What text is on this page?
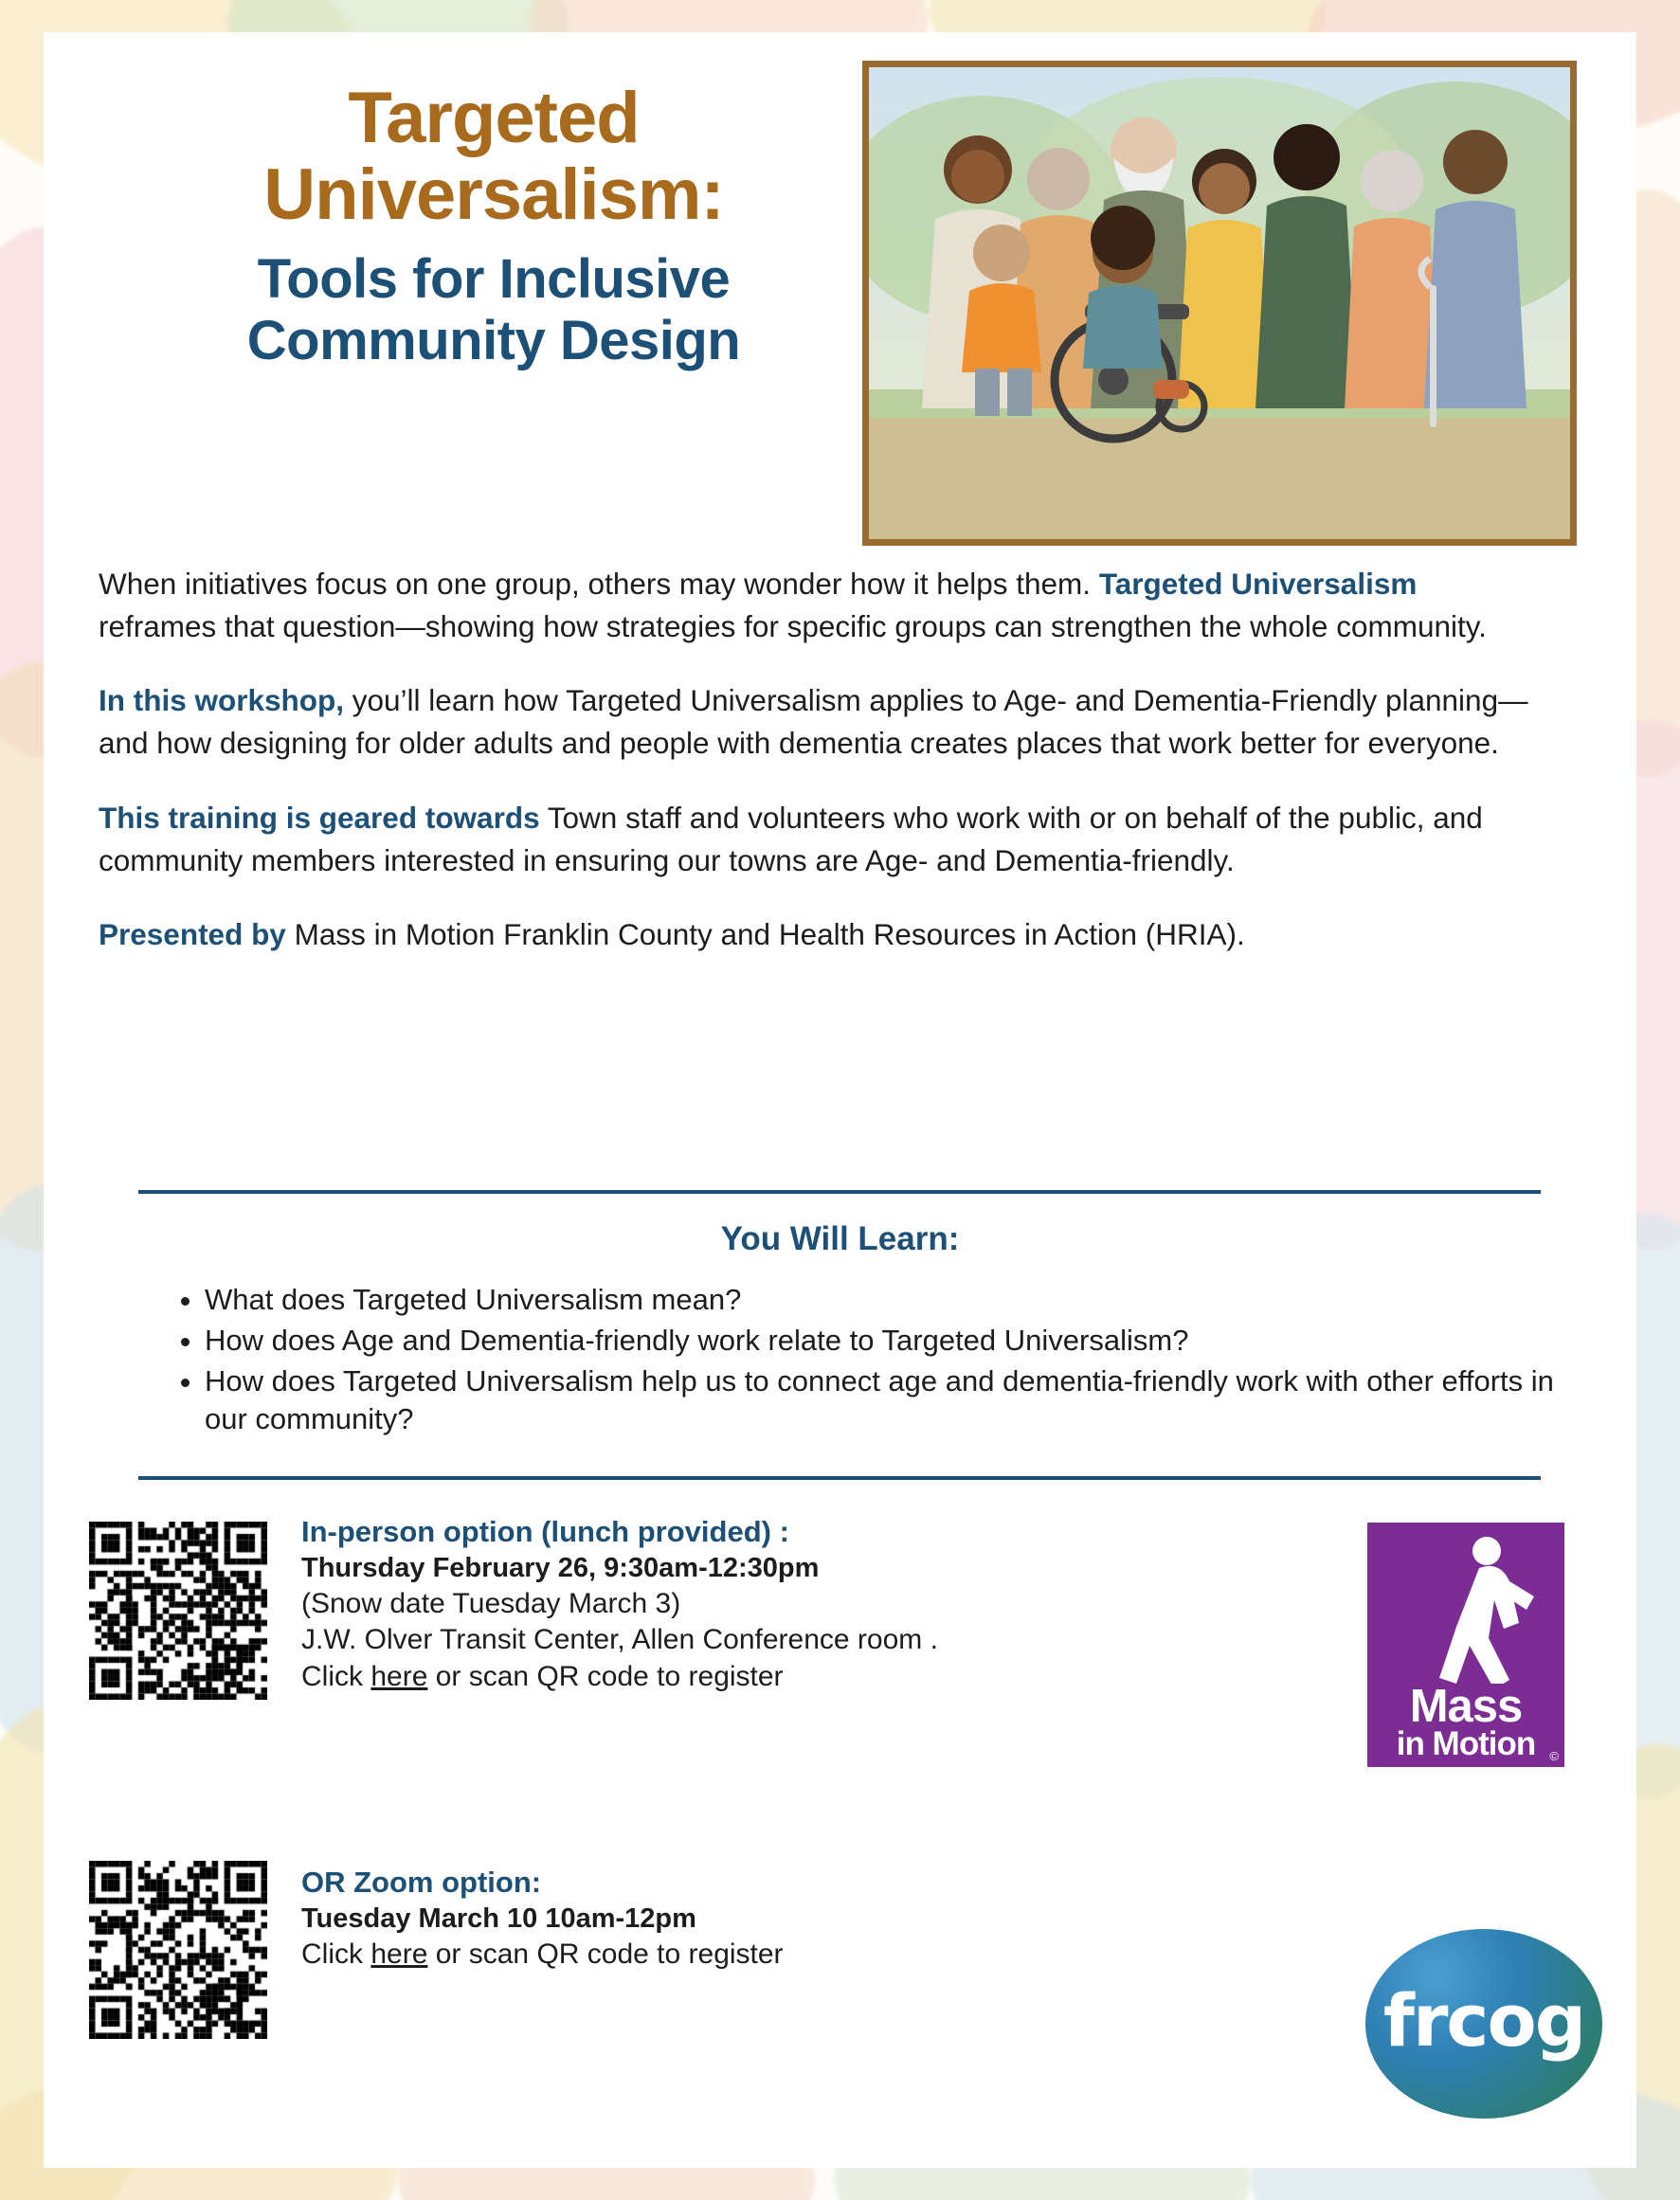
Targeted
Universalism:
Tools for Inclusive
Community Design

When initiatives focus on one group, others may wonder how it helps them. Targeted Universalism reframes that question—showing how strategies for specific groups can strengthen the whole community.

In this workshop, you’ll learn how Targeted Universalism applies to Age- and Dementia-Friendly planning—and how designing for older adults and people with dementia creates places that work better for everyone.

This training is geared towards Town staff and volunteers who work with or on behalf of the public, and community members interested in ensuring our towns are Age- and Dementia-friendly.

Presented by Mass in Motion Franklin County and Health Resources in Action (HRIA).

You Will Learn:
• What does Targeted Universalism mean?
• How does Age and Dementia-friendly work relate to Targeted Universalism?
• How does Targeted Universalism help us to connect age and dementia-friendly work with other efforts in our community?
In-person option (lunch provided) :
Thursday February 26, 9:30am-12:30pm
(Snow date Tuesday March 3)
J.W. Olver Transit Center, Allen Conference room .
Click here or scan QR code to register
OR Zoom option:
Tuesday March 10 10am-12pm
Click here or scan QR code to register
Mass
in Motion	©
frcog
